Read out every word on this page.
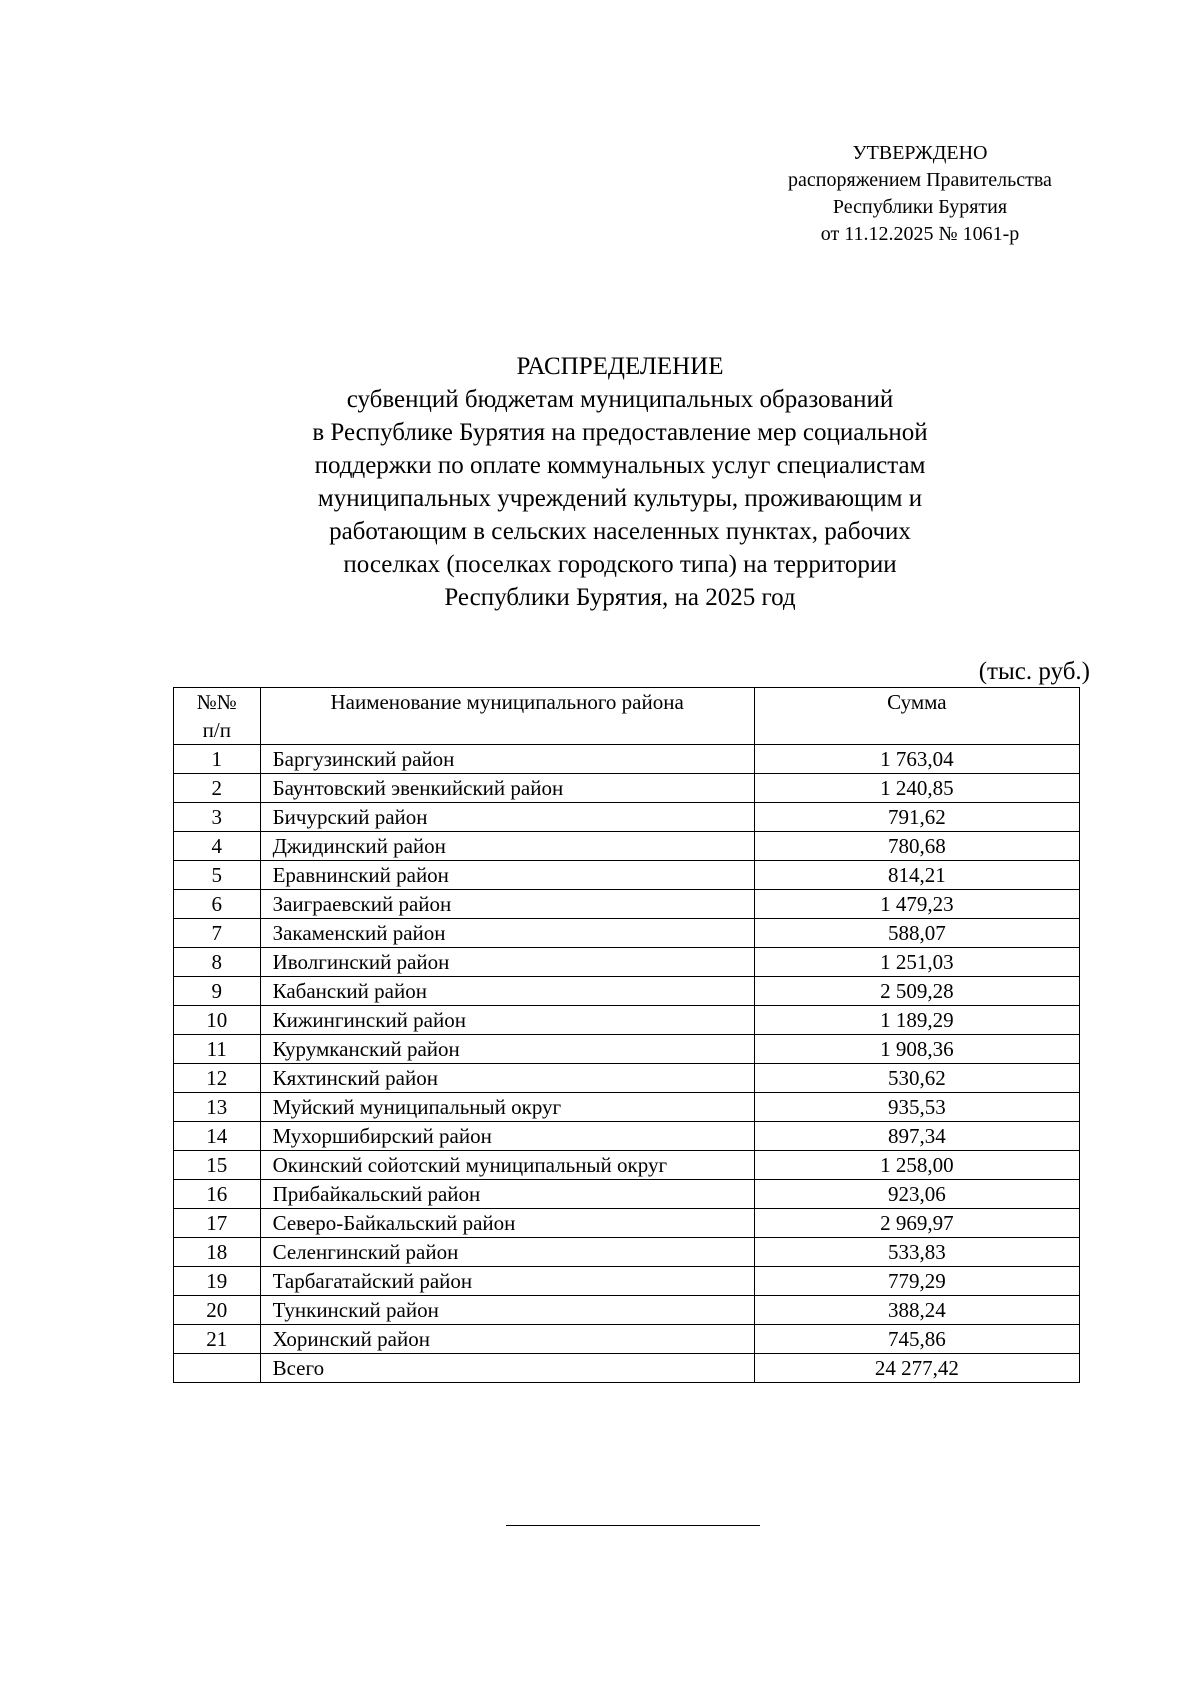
УТВЕРЖДЕНО
распоряжением Правительства
Республики Бурятия
от 11.12.2025 № 1061-р
РАСПРЕДЕЛЕНИЕ
субвенций бюджетам муниципальных образований
в Республике Бурятия на предоставление мер социальной
поддержки по оплате коммунальных услуг специалистам
муниципальных учреждений культуры, проживающим и
работающим в сельских населенных пунктах, рабочих
поселках (поселках городского типа) на территории
Республики Бурятия, на 2025 год
(тыс. руб.)
№№
п/п	Наименование муниципального района	Сумма
1	Баргузинский район	1 763,04
2	Баунтовский эвенкийский район	1 240,85
3	Бичурский район	791,62
4	Джидинский район	780,68
5	Еравнинский район	814,21
6	Заиграевский район	1 479,23
7	Закаменский район	588,07
8	Иволгинский район	1 251,03
9	Кабанский район	2 509,28
10	Кижингинский район	1 189,29
11	Курумканский район	1 908,36
12	Кяхтинский район	530,62
13	Муйский муниципальный округ	935,53
14	Мухоршибирский район	897,34
15	Окинский сойотский муниципальный округ	1 258,00
16	Прибайкальский район	923,06
17	Северо-Байкальский район	2 969,97
18	Селенгинский район	533,83
19	Тарбагатайский район	779,29
20	Тункинский район	388,24
21	Хоринский район	745,86
	Всего	24 277,42
